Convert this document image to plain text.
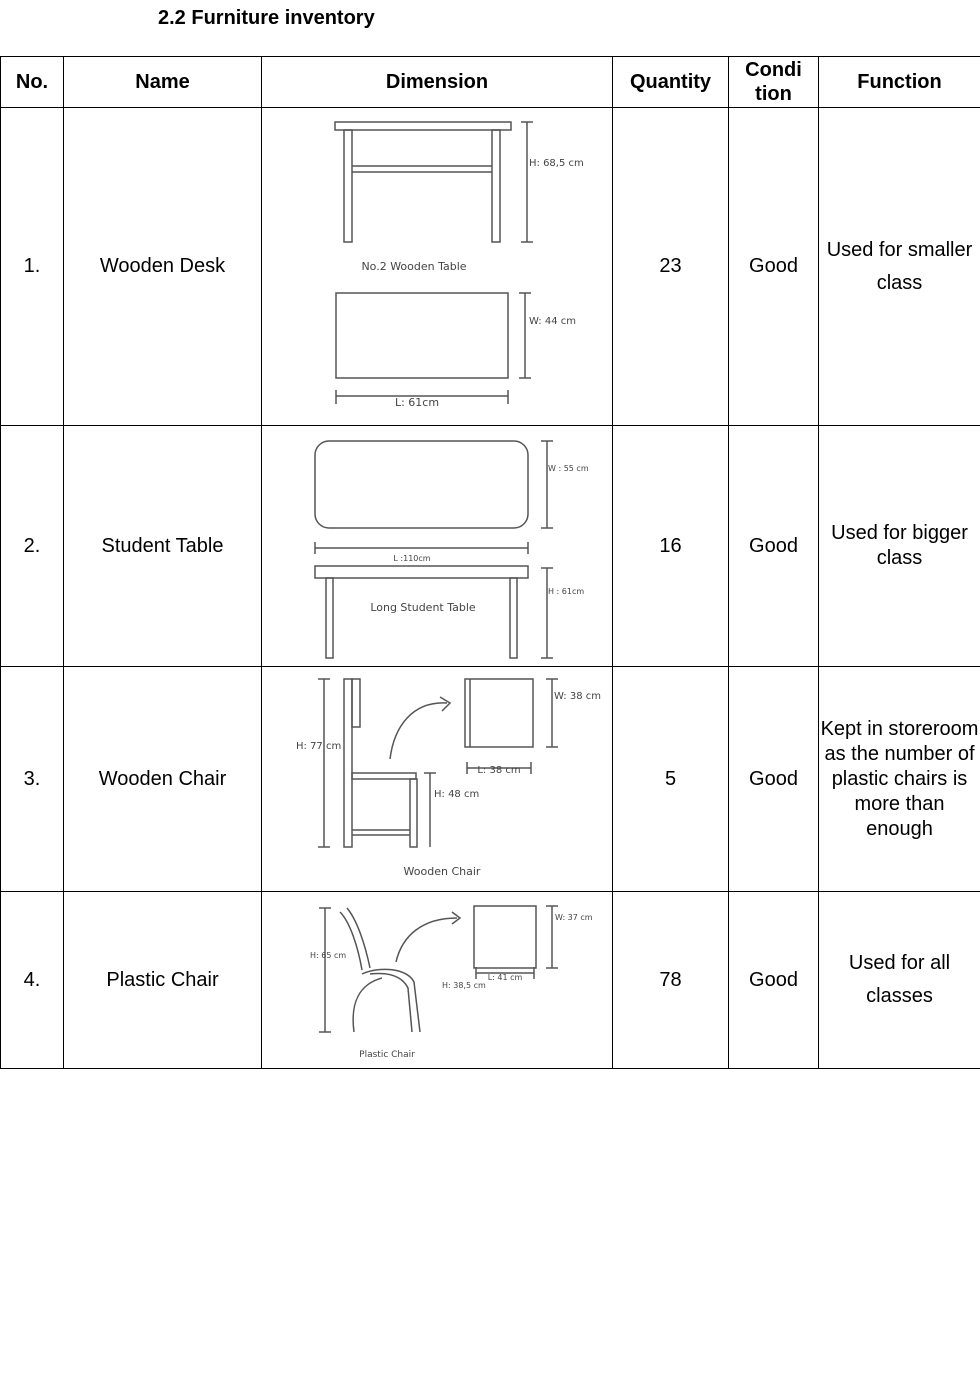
2.2 Furniture inventory
No.	Name	Dimension	Quantity	Condi tion	Function
1.	Wooden Desk	No.2 Wooden Table
H: 68,5 cm
W: 44 cm
L: 61cm	23	Good	Used for smaller class
2.	Student Table	W : 55 cm
L :110cm
Long Student Table
H : 61cm	16	Good	Used for bigger class
3.	Wooden Chair	H: 77 cm
H: 48 cm
W: 38 cm
L: 38 cm
Wooden Chair	5	Good	Kept in storeroom as the number of plastic chairs is more than enough
4.	Plastic Chair	H: 65 cm
H: 38,5 cm
W: 37 cm
L: 41 cm
Plastic Chair	78	Good	Used for all classes
